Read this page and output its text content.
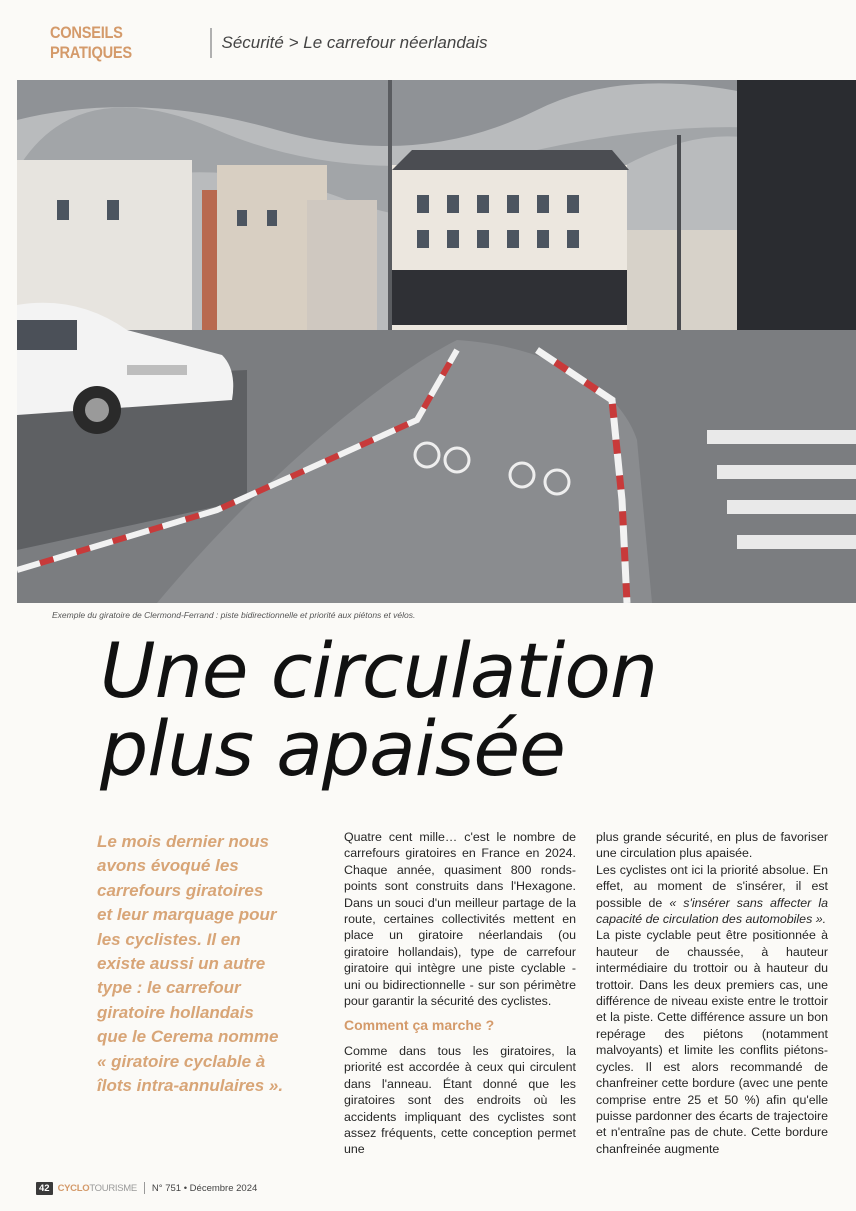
CONSEILS PRATIQUES
Sécurité > Le carrefour néerlandais
Exemple du giratoire de Clermond-Ferrand : piste bidirectionnelle et priorité aux piétons et vélos.
Une circulation
plus apaisée
Le mois dernier nous
avons évoqué les
carrefours giratoires
et leur marquage pour
les cyclistes. Il en
existe aussi un autre
type : le carrefour
giratoire hollandais
que le Cerema nomme
« giratoire cyclable à
îlots intra-annulaires ».

Quatre cent mille… c'est le nombre de carrefours giratoires en France en 2024. Chaque année, quasiment 800 ronds-points sont construits dans l'Hexagone. Dans un souci d'un meilleur partage de la route, certaines collectivités mettent en place un giratoire néerlandais (ou giratoire hollandais), type de carrefour giratoire qui intègre une piste cyclable - uni ou bidirectionnelle - sur son périmètre pour garantir la sécurité des cyclistes.

Comment ça marche ?

Comme dans tous les giratoires, la priorité est accordée à ceux qui circulent dans l'anneau. Étant donné que les giratoires sont des endroits où les accidents impliquant des cyclistes sont assez fréquents, cette conception permet une

plus grande sécurité, en plus de favoriser une circulation plus apaisée.

Les cyclistes ont ici la priorité absolue. En effet, au moment de s'insérer, il est possible de « s'insérer sans affecter la capacité de circulation des automobiles ».

La piste cyclable peut être positionnée à hauteur de chaussée, à hauteur intermédiaire du trottoir ou à hauteur du trottoir. Dans les deux premiers cas, une différence de niveau existe entre le trottoir et la piste. Cette différence assure un bon repérage des piétons (notamment malvoyants) et limite les conflits piétons-cycles. Il est alors recommandé de chanfreiner cette bordure (avec une pente comprise entre 25 et 50 %) afin qu'elle puisse pardonner des écarts de trajectoire et n'entraîne pas de chute. Cette bordure chanfreinée augmente

42 CYCLOTOURISME N° 751 • Décembre 2024
